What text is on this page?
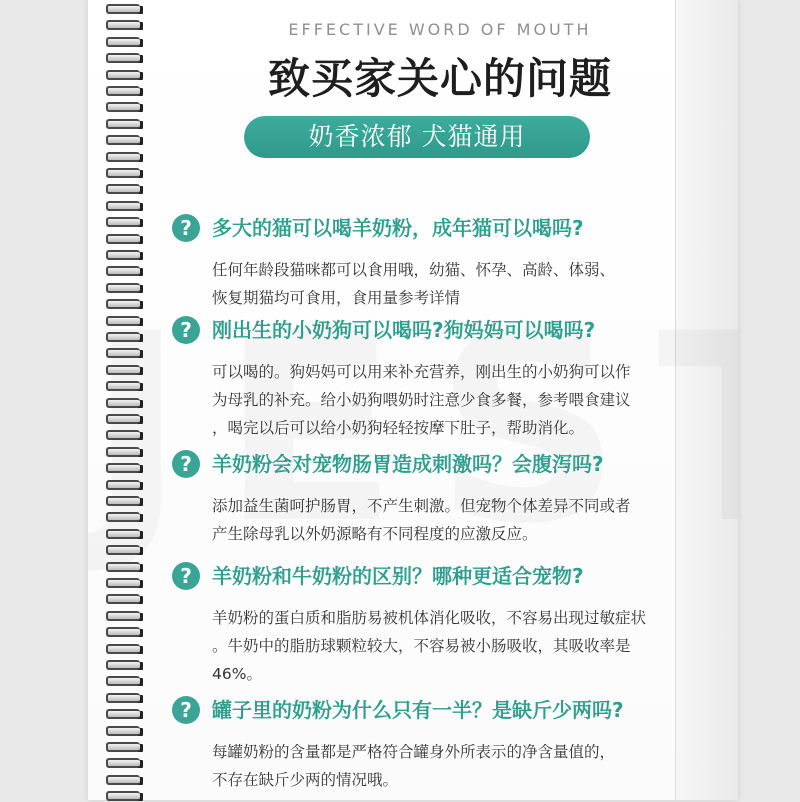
EFFECTIVE WORD OF MOUTH
致买家关心的问题
奶香浓郁 犬猫通用
?	多大的猫可以喝羊奶粉，成年猫可以喝吗?
任何年龄段猫咪都可以食用哦，幼猫、怀孕、高龄、体弱、
恢复期猫均可食用，食用量参考详情
?	刚出生的小奶狗可以喝吗?狗妈妈可以喝吗?
可以喝的。狗妈妈可以用来补充营养，刚出生的小奶狗可以作
为母乳的补充。给小奶狗喂奶时注意少食多餐，参考喂食建议
，喝完以后可以给小奶狗轻轻按摩下肚子，帮助消化。
?	羊奶粉会对宠物肠胃造成刺激吗？会腹泻吗?
添加益生菌呵护肠胃，不产生刺激。但宠物个体差异不同或者
产生除母乳以外奶源略有不同程度的应激反应。
?	羊奶粉和牛奶粉的区别？哪种更适合宠物?
羊奶粉的蛋白质和脂肪易被机体消化吸收，不容易出现过敏症状
。牛奶中的脂肪球颗粒较大，不容易被小肠吸收，其吸收率是
46%。
?	罐子里的奶粉为什么只有一半？是缺斤少两吗?
每罐奶粉的含量都是严格符合罐身外所表示的净含量值的，
不存在缺斤少两的情况哦。
